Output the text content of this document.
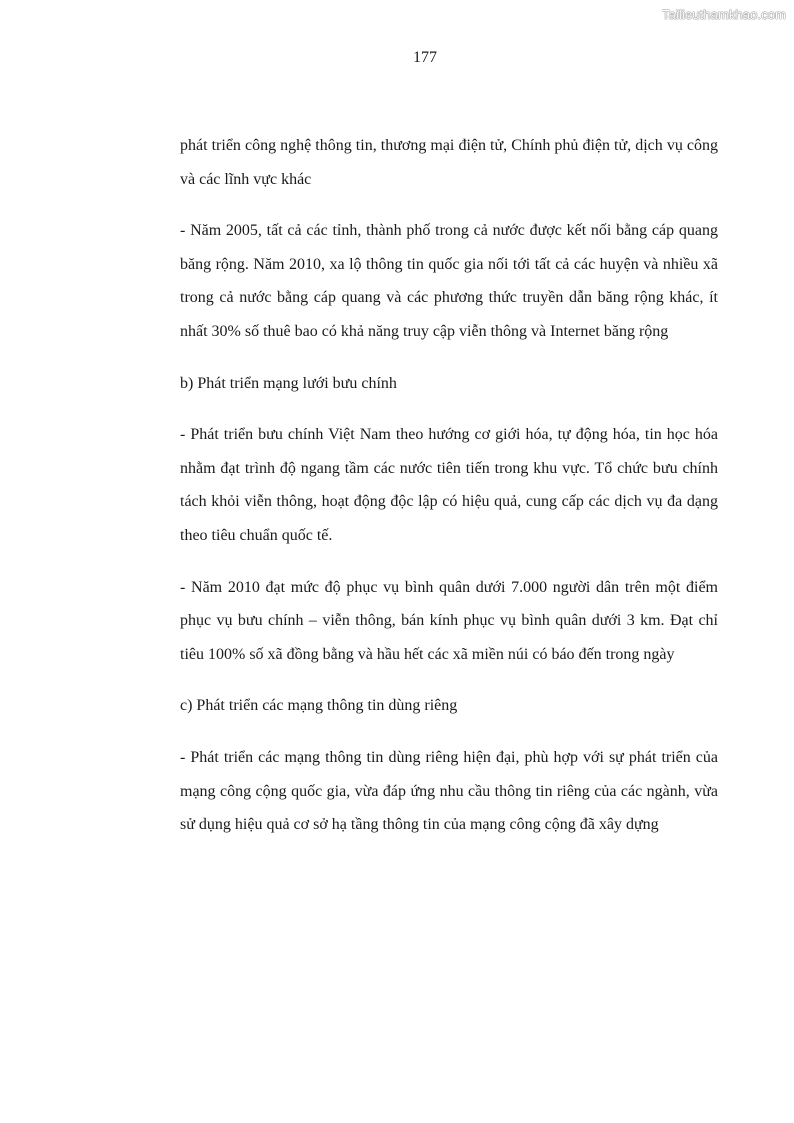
Tailieuthamkhao.com
177

phát triển công nghệ thông tin, thương mại điện tử, Chính phủ điện tử, dịch vụ công và các lĩnh vực khác

- Năm 2005, tất cả các tỉnh, thành phố trong cả nước được kết nối bằng cáp quang băng rộng. Năm 2010, xa lộ thông tin quốc gia nối tới tất cả các huyện và nhiều xã trong cả nước bằng cáp quang và các phương thức truyền dẫn băng rộng khác, ít nhất 30% số thuê bao có khả năng truy cập viễn thông và Internet băng rộng

b) Phát triển mạng lưới bưu chính

- Phát triển bưu chính Việt Nam theo hướng cơ giới hóa, tự động hóa, tin học hóa nhằm đạt trình độ ngang tầm các nước tiên tiến trong khu vực. Tổ chức bưu chính tách khỏi viễn thông, hoạt động độc lập có hiệu quả, cung cấp các dịch vụ đa dạng theo tiêu chuẩn quốc tế.

- Năm 2010 đạt mức độ phục vụ bình quân dưới 7.000 người dân trên một điểm phục vụ bưu chính – viễn thông, bán kính phục vụ bình quân dưới 3 km. Đạt chỉ tiêu 100% số xã đồng bằng và hầu hết các xã miền núi có báo đến trong ngày

c) Phát triển các mạng thông tin dùng riêng

- Phát triển các mạng thông tin dùng riêng hiện đại, phù hợp với sự phát triển của mạng công cộng quốc gia, vừa đáp ứng nhu cầu thông tin riêng của các ngành, vừa sử dụng hiệu quả cơ sở hạ tầng thông tin của mạng công cộng đã xây dựng
